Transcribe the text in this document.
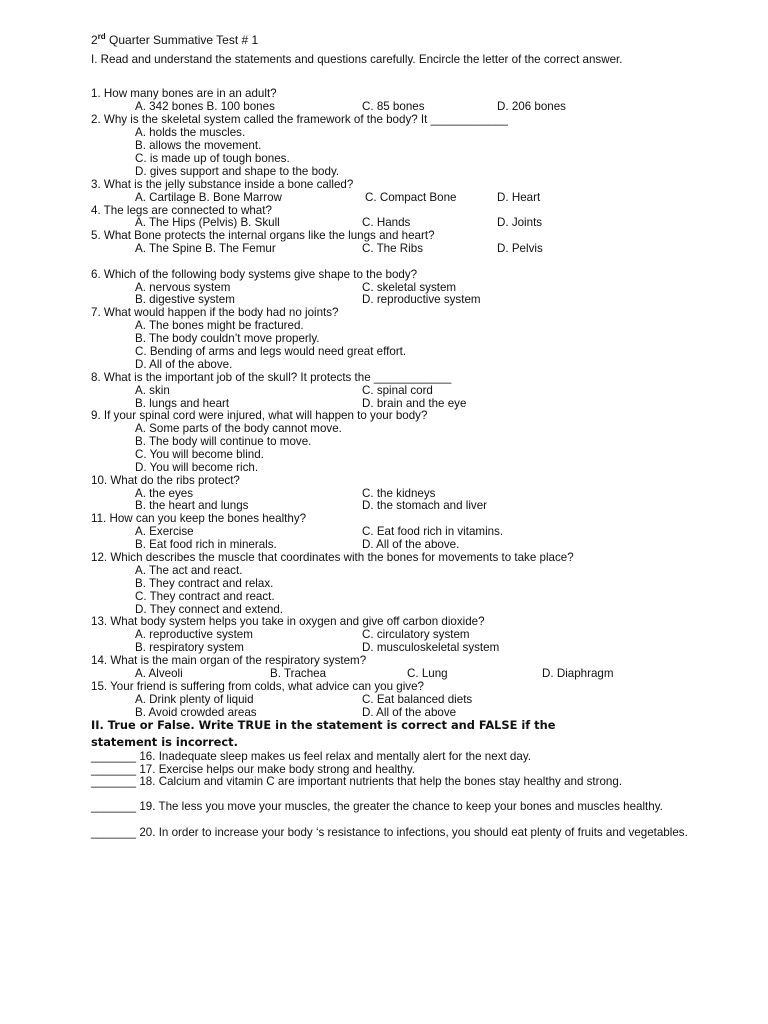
2rd Quarter Summative Test # 1
I. Read and understand the statements and questions carefully. Encircle the letter of the correct answer.
1. How many bones are in an adult?
A. 342 bones B. 100 bones	C. 85 bones	D. 206 bones
2. Why is the skeletal system called the framework of the body? It ____________
A. holds the muscles.
B. allows the movement.
C. is made up of tough bones.
D. gives support and shape to the body.
3. What is the jelly substance inside a bone called?
A. Cartilage B. Bone Marrow	C. Compact Bone	D. Heart
4. The legs are connected to what?
A. The Hips (Pelvis) B. Skull	C. Hands	D. Joints
5. What Bone protects the internal organs like the lungs and heart?
A. The Spine B. The Femur	C. The Ribs	D. Pelvis
6. Which of the following body systems give shape to the body?
A. nervous system	C. skeletal system
B. digestive system	D. reproductive system
7. What would happen if the body had no joints?
A. The bones might be fractured.
B. The body couldn’t move properly.
C. Bending of arms and legs would need great effort.
D. All of the above.
8. What is the important job of the skull? It protects the ____________
A. skin	C. spinal cord
B. lungs and heart	D. brain and the eye
9. If your spinal cord were injured, what will happen to your body?
A. Some parts of the body cannot move.
B. The body will continue to move.
C. You will become blind.
D. You will become rich.
10. What do the ribs protect?
A. the eyes	C. the kidneys
B. the heart and lungs	D. the stomach and liver
11. How can you keep the bones healthy?
A. Exercise	C. Eat food rich in vitamins.
B. Eat food rich in minerals.	D. All of the above.
12. Which describes the muscle that coordinates with the bones for movements to take place?
A. The act and react.
B. They contract and relax.
C. They contract and react.
D. They connect and extend.
13. What body system helps you take in oxygen and give off carbon dioxide?
A. reproductive system	C. circulatory system
B. respiratory system	D. musculoskeletal system
14. What is the main organ of the respiratory system?
A. Alveoli	B. Trachea	C. Lung	D. Diaphragm
15. Your friend is suffering from colds, what advice can you give?
A. Drink plenty of liquid	C. Eat balanced diets
B. Avoid crowded areas	D. All of the above
II. True or False. Write TRUE in the statement is correct and FALSE if the
statement is incorrect.
_______ 16. Inadequate sleep makes us feel relax and mentally alert for the next day.
_______ 17. Exercise helps our make body strong and healthy.
_______ 18. Calcium and vitamin C are important nutrients that help the bones stay healthy and strong.
_______ 19. The less you move your muscles, the greater the chance to keep your bones and muscles healthy.
_______ 20. In order to increase your body ‘s resistance to infections, you should eat plenty of fruits and vegetables.
